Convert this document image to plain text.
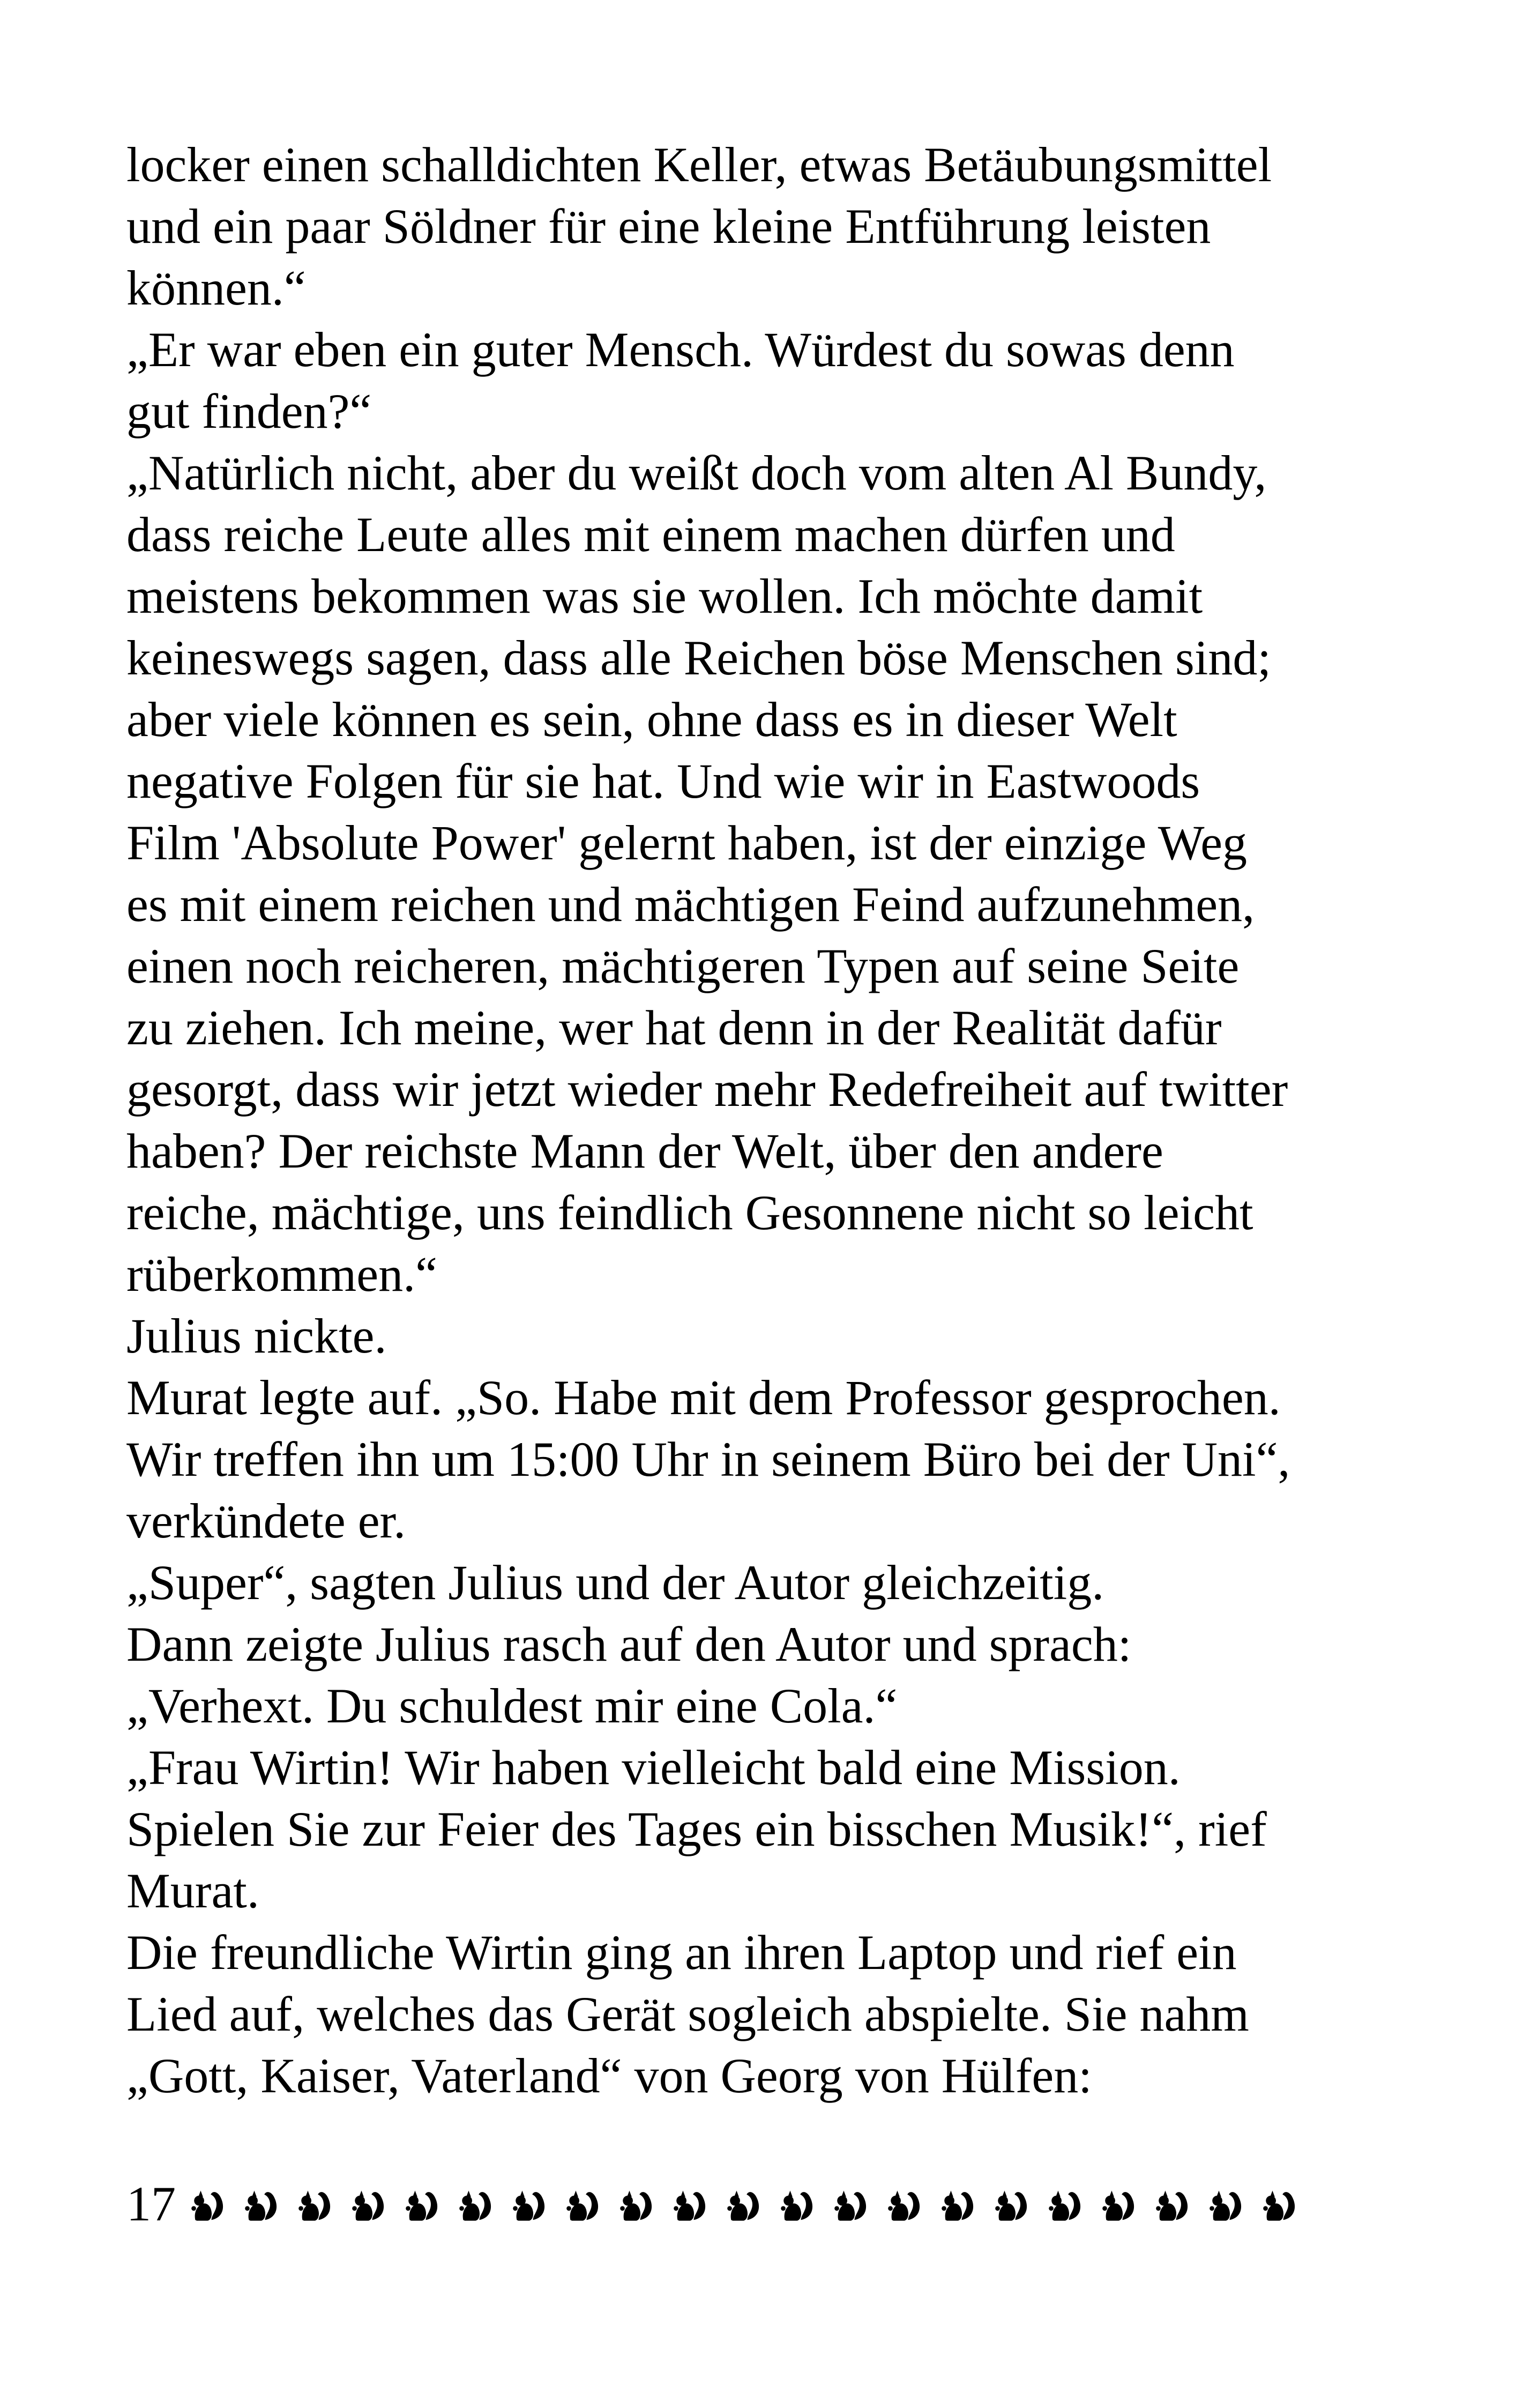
locker einen schalldichten Keller, etwas Betäubungsmittel
und ein paar Söldner für eine kleine Entführung leisten
können.“
„Er war eben ein guter Mensch. Würdest du sowas denn
gut finden?“
„Natürlich nicht, aber du weißt doch vom alten Al Bundy,
dass reiche Leute alles mit einem machen dürfen und
meistens bekommen was sie wollen. Ich möchte damit
keineswegs sagen, dass alle Reichen böse Menschen sind;
aber viele können es sein, ohne dass es in dieser Welt
negative Folgen für sie hat. Und wie wir in Eastwoods
Film 'Absolute Power' gelernt haben, ist der einzige Weg
es mit einem reichen und mächtigen Feind aufzunehmen,
einen noch reicheren, mächtigeren Typen auf seine Seite
zu ziehen. Ich meine, wer hat denn in der Realität dafür
gesorgt, dass wir jetzt wieder mehr Redefreiheit auf twitter
haben? Der reichste Mann der Welt, über den andere
reiche, mächtige, uns feindlich Gesonnene nicht so leicht
rüberkommen.“
Julius nickte.
Murat legte auf. „So. Habe mit dem Professor gesprochen.
Wir treffen ihn um 15:00 Uhr in seinem Büro bei der Uni“,
verkündete er.
„Super“, sagten Julius und der Autor gleichzeitig.
Dann zeigte Julius rasch auf den Autor und sprach:
„Verhext. Du schuldest mir eine Cola.“
„Frau Wirtin! Wir haben vielleicht bald eine Mission.
Spielen Sie zur Feier des Tages ein bisschen Musik!“, rief
Murat.
Die freundliche Wirtin ging an ihren Laptop und rief ein
Lied auf, welches das Gerät sogleich abspielte. Sie nahm
„Gott, Kaiser, Vaterland“ von Georg von Hülfen:
17
